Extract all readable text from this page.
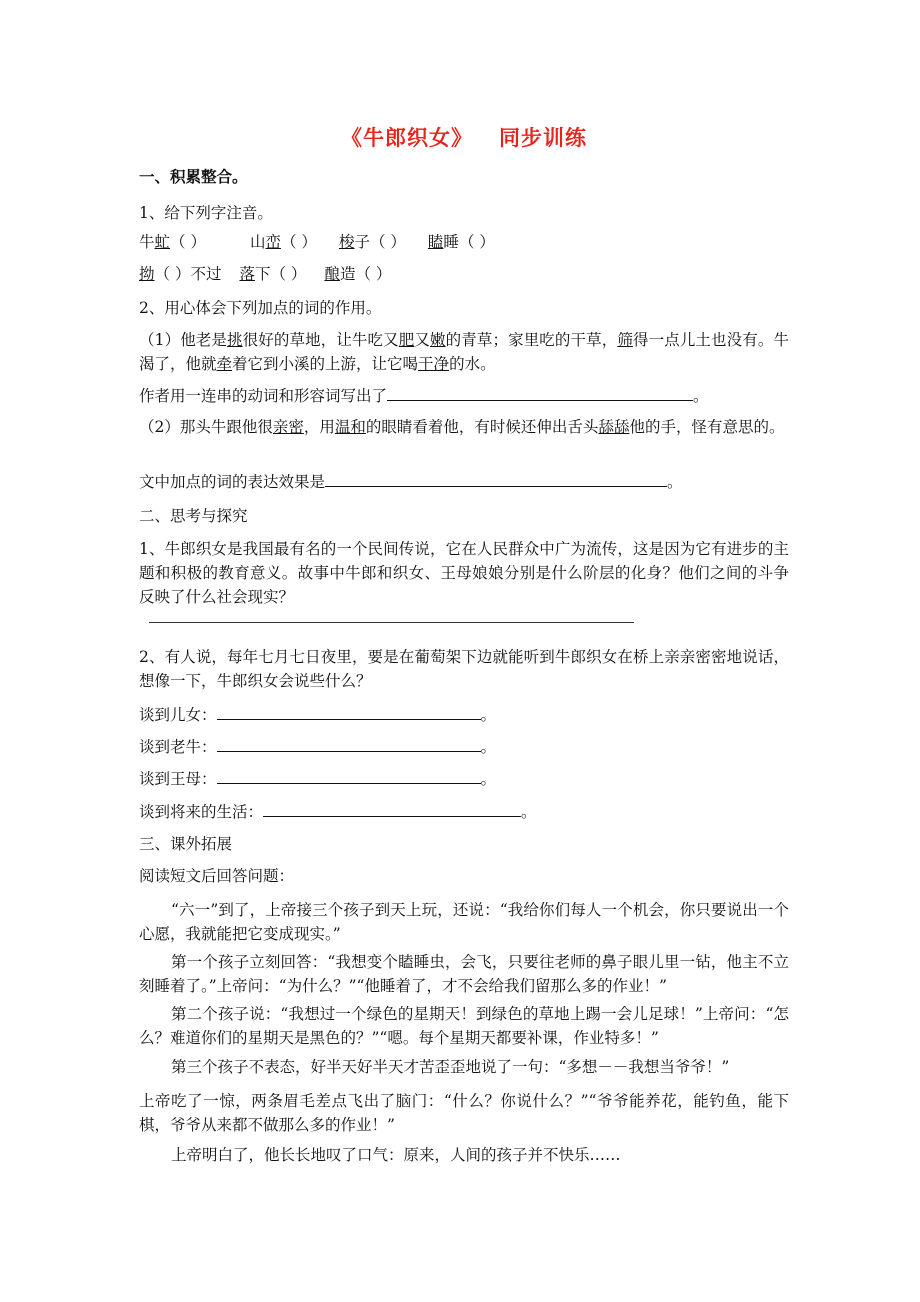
《牛郎织女》 同步训练
一、积累整合。
1、给下列字注音。
牛虻（ ）	山峦（ ） 梭子（ ） 瞌睡（ ）
拗（ ）不过 落下（ ） 酿造（ ）
2、用心体会下列加点的词的作用。
（1）他老是挑很好的草地，让牛吃又肥又嫩的青草；家里吃的干草，筛得一点儿土也没有。牛渴了，他就牵着它到小溪的上游，让它喝干净的水。
作者用一连串的动词和形容词写出了	。
（2）那头牛跟他很亲密，用温和的眼睛看着他，有时候还伸出舌头舔舔他的手，怪有意思的。
文中加点的词的表达效果是	。
二、思考与探究
1、牛郎织女是我国最有名的一个民间传说，它在人民群众中广为流传，这是因为它有进步的主题和积极的教育意义。故事中牛郎和织女、王母娘娘分别是什么阶层的化身？他们之间的斗争反映了什么社会现实？
2、有人说，每年七月七日夜里，要是在葡萄架下边就能听到牛郎织女在桥上亲亲密密地说话，想像一下，牛郎织女会说些什么？
谈到儿女：	。
谈到老牛：	。
谈到王母：	。
谈到将来的生活：	。
三、课外拓展
阅读短文后回答问题：
“六一”到了，上帝接三个孩子到天上玩，还说：“我给你们每人一个机会，你只要说出一个心愿，我就能把它变成现实。”
第一个孩子立刻回答：“我想变个瞌睡虫，会飞，只要往老师的鼻子眼儿里一钻，他主不立刻睡着了。”上帝问：“为什么？”“他睡着了，才不会给我们留那么多的作业！”
第二个孩子说：“我想过一个绿色的星期天！到绿色的草地上踢一会儿足球！”上帝问：“怎么？难道你们的星期天是黑色的？”“嗯。每个星期天都要补课，作业特多！”
第三个孩子不表态，好半天好半天才苦歪歪地说了一句：“多想－－我想当爷爷！”
上帝吃了一惊，两条眉毛差点飞出了脑门：“什么？你说什么？”“爷爷能养花，能钓鱼，能下棋，爷爷从来都不做那么多的作业！”
上帝明白了，他长长地叹了口气：原来，人间的孩子并不快乐……
